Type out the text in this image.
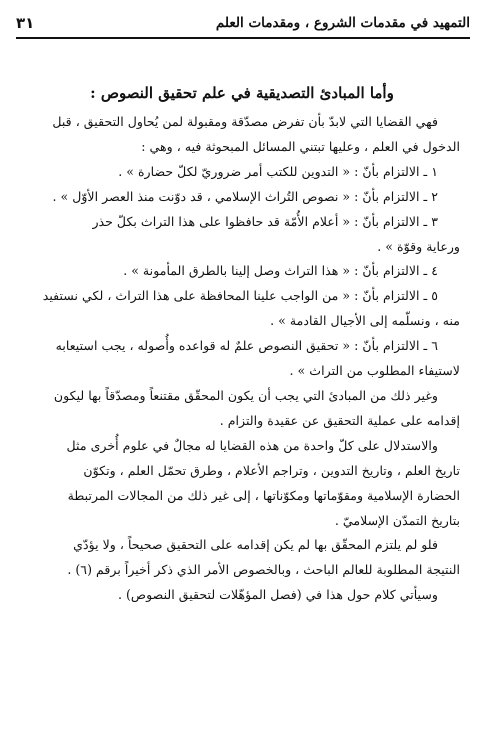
التمهيد في مقدمات الشروع ، ومقدمات العلم
٣١
وأما المبادئ التصديقية في علم تحقيق النصوص :
فهي القضايا التي لابدّ بأن تفرض مصدّقة ومقبولة لمن يُحاول التحقيق ، قبل
الدخول في العلم ، وعليها تبتني المسائل المبحوثة فيه ، وهي :
١ ـ الالتزام بأنّ : « التدوين للكتب أمر ضروريّ لكلّ حضارة » .
٢ ـ الالتزام بأنّ : « نصوص التُراث الإسلامي ، قد دوّنت منذ العصر الأوّل » .
٣ ـ الالتزام بأنّ : « أعلام الأُمّة قد حافظوا على هذا التراث بكلّ حذر
ورعاية وقوّة » .
٤ ـ الالتزام بأنّ : « هذا التراث وصل إلينا بالطرق المأمونة » .
٥ ـ الالتزام بأنّ : « من الواجب علينا المحافظة على هذا التراث ، لكي نستفيد
منه ، ونسلّمه إلى الأجيال القادمة » .
٦ ـ الالتزام بأنّ : « تحقيق النصوص علمٌ له قواعده وأُصوله ، يجب استيعابه
لاستيفاء المطلوب من التراث » .
وغير ذلك من المبادئ التي يجب أن يكون المحقّق مقتنعاً ومصدّقاً بها ليكون
إقدامه على عملية التحقيق عن عقيدة والتزام .
والاستدلال على كلّ واحدة من هذه القضايا له مجالٌ في علوم أُخرى مثل
تاريخ العلم ، وتاريخ التدوين ، وتراجم الأعلام ، وطرق تحمّل العلم ، وتكوّن
الحضارة الإسلامية ومقوّماتها ومكوّناتها ، إلى غير ذلك من المجالات المرتبطة
بتاريخ التمدّن الإسلاميّ .
فلو لم يلتزم المحقّق بها لم يكن إقدامه على التحقيق صحيحاً ، ولا يؤدّي
النتيجة المطلوبة للعالم الباحث ، وبالخصوص الأمر الذي ذكر أخيراً برقم (٦) .
وسيأتي كلام حول هذا في (فصل المؤهّلات لتحقيق النصوص) .
